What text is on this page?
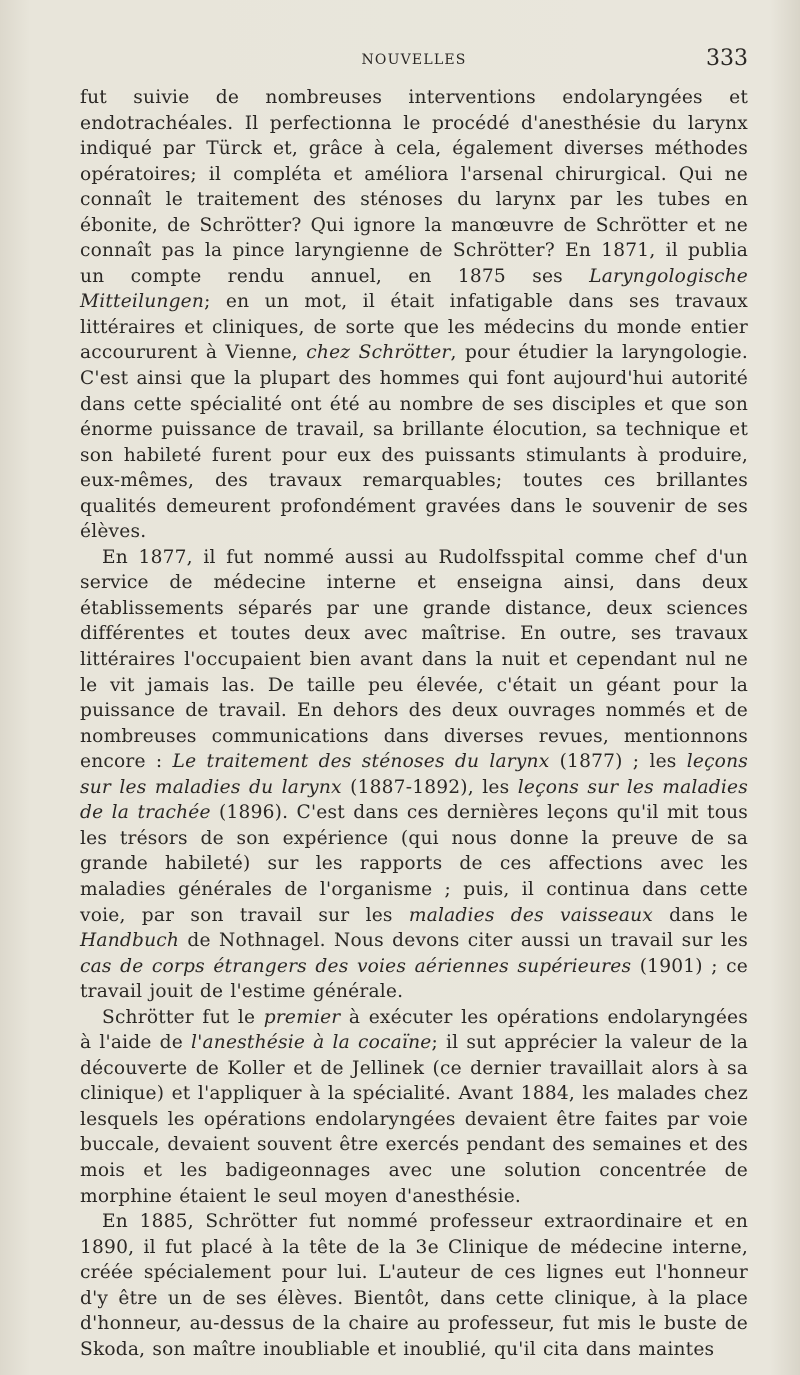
NOUVELLES	333

fut suivie de nombreuses interventions endolaryngées et endotrachéales. Il perfectionna le procédé d'anesthésie du larynx indiqué par Türck et, grâce à cela, également diverses méthodes opératoires; il compléta et améliora l'arsenal chirurgical. Qui ne connaît le traitement des sténoses du larynx par les tubes en ébonite, de Schrötter? Qui ignore la manœuvre de Schrötter et ne connaît pas la pince laryngienne de Schrötter? En 1871, il publia un compte rendu annuel, en 1875 ses Laryngologische Mitteilungen; en un mot, il était infatigable dans ses travaux littéraires et cliniques, de sorte que les médecins du monde entier accoururent à Vienne, chez Schrötter, pour étudier la laryngologie. C'est ainsi que la plupart des hommes qui font aujourd'hui autorité dans cette spécialité ont été au nombre de ses disciples et que son énorme puissance de travail, sa brillante élocution, sa technique et son habileté furent pour eux des puissants stimulants à produire, eux-mêmes, des travaux remarquables; toutes ces brillantes qualités demeurent profondément gravées dans le souvenir de ses élèves.

En 1877, il fut nommé aussi au Rudolfsspital comme chef d'un service de médecine interne et enseigna ainsi, dans deux établissements séparés par une grande distance, deux sciences différentes et toutes deux avec maîtrise. En outre, ses travaux littéraires l'occupaient bien avant dans la nuit et cependant nul ne le vit jamais las. De taille peu élevée, c'était un géant pour la puissance de travail. En dehors des deux ouvrages nommés et de nombreuses communications dans diverses revues, mentionnons encore : Le traitement des sténoses du larynx (1877) ; les leçons sur les maladies du larynx (1887-1892), les leçons sur les maladies de la trachée (1896). C'est dans ces dernières leçons qu'il mit tous les trésors de son expérience (qui nous donne la preuve de sa grande habileté) sur les rapports de ces affections avec les maladies générales de l'organisme ; puis, il continua dans cette voie, par son travail sur les maladies des vaisseaux dans le Handbuch de Nothnagel. Nous devons citer aussi un travail sur les cas de corps étrangers des voies aériennes supérieures (1901) ; ce travail jouit de l'estime générale.

Schrötter fut le premier à exécuter les opérations endolaryngées à l'aide de l'anesthésie à la cocaïne; il sut apprécier la valeur de la découverte de Koller et de Jellinek (ce dernier travaillait alors à sa clinique) et l'appliquer à la spécialité. Avant 1884, les malades chez lesquels les opérations endolaryngées devaient être faites par voie buccale, devaient souvent être exercés pendant des semaines et des mois et les badigeonnages avec une solution concentrée de morphine étaient le seul moyen d'anesthésie.

En 1885, Schrötter fut nommé professeur extraordinaire et en 1890, il fut placé à la tête de la 3e Clinique de médecine interne, créée spécialement pour lui. L'auteur de ces lignes eut l'honneur d'y être un de ses élèves. Bientôt, dans cette clinique, à la place d'honneur, au-dessus de la chaire au professeur, fut mis le buste de Skoda, son maître inoubliable et inoublié, qu'il cita dans maintes
